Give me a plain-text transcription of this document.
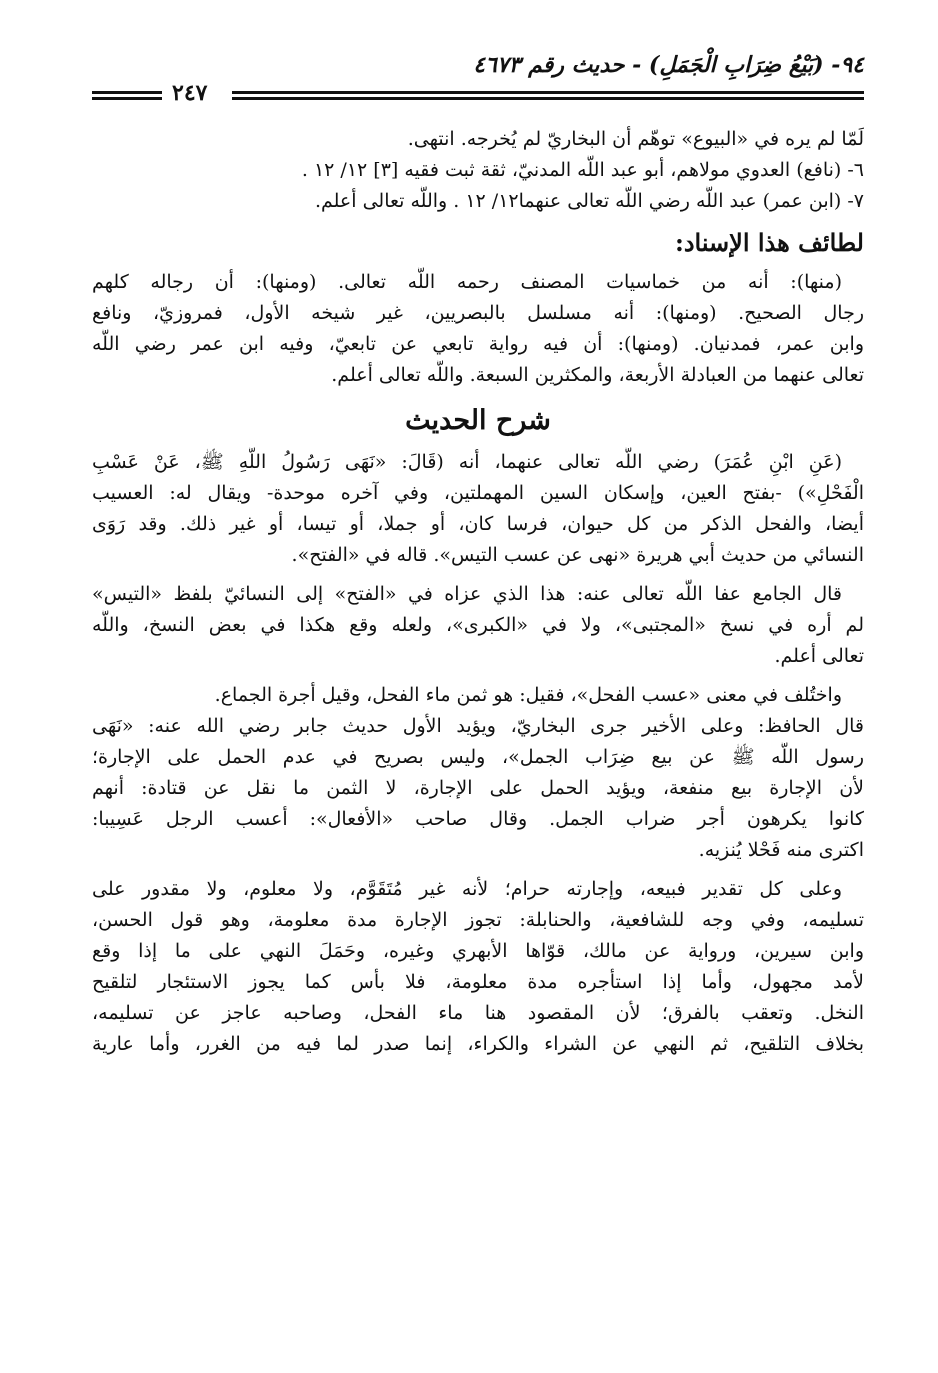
٩٤- (بَيْعُ ضِرَابِ الْجَمَلِ) - حديث رقم ٤٦٧٣
٢٤٧
لَمّا لم يره في «البيوع» توهّم أن البخاريّ لم يُخرجه. انتهى.
٦- (نافع) العدوي مولاهم، أبو عبد اللَّه المدنيّ، ثقة ثبت فقيه [٣] ١٢/ ١٢ .
٧- (ابن عمر) عبد اللَّه رضي اللَّه تعالى عنهما١٢/ ١٢ . واللَّه تعالى أعلم.
لطائف هذا الإسناد:
(منها): أنه من خماسيات المصنف رحمه اللَّه تعالى. (ومنها): أن رجاله كلهم
رجال الصحيح. (ومنها): أنه مسلسل بالبصريين، غير شيخه الأول، فمروزيّ، ونافع
وابن عمر، فمدنيان. (ومنها): أن فيه رواية تابعي عن تابعيّ، وفيه ابن عمر رضي اللَّه
تعالى عنهما من العبادلة الأربعة، والمكثرين السبعة. واللَّه تعالى أعلم.
شرح الحديث
(عَنِ ابْنِ عُمَرَ) رضي اللَّه تعالى عنهما، أنه (قَالَ: «نَهَى رَسُولُ اللَّهِ ﷺ، عَنْ عَسْبِ
الْفَحْلِ») -بفتح العين، وإسكان السين المهملتين، وفي آخره موحدة- ويقال له: العسيب
أيضا، والفحل الذكر من كل حيوان، فرسا كان، أو جملا، أو تيسا، أو غير ذلك. وقد رَوَى
النسائي من حديث أبي هريرة «نهى عن عسب التيس». قاله في «الفتح».
قال الجامع عفا اللَّه تعالى عنه: هذا الذي عزاه في «الفتح» إلى النسائيّ بلفظ «التيس»
لم أره في نسخ «المجتبى»، ولا في «الكبرى»، ولعله وقع هكذا في بعض النسخ، واللَّه
تعالى أعلم.
واختُلف في معنى «عسب الفحل»، فقيل: هو ثمن ماء الفحل، وقيل أجرة الجماع.
قال الحافظ: وعلى الأخير جرى البخاريّ، ويؤيد الأول حديث جابر رضي الله عنه: «نَهَى
رسول اللَّه ﷺ عن بيع ضِرَاب الجمل»، وليس بصريح في عدم الحمل على الإجارة؛
لأن الإجارة بيع منفعة، ويؤيد الحمل على الإجارة، لا الثمن ما نقل عن قتادة: أنهم
كانوا يكرهون أجر ضراب الجمل. وقال صاحب «الأفعال»: أعسب الرجل عَسِيبا:
اكترى منه فَحْلا يُنزيه.
وعلى كل تقدير فبيعه، وإجارته حرام؛ لأنه غير مُتَقَوَّم، ولا معلوم، ولا مقدور على
تسليمه، وفي وجه للشافعية، والحنابلة: تجوز الإجارة مدة معلومة، وهو قول الحسن،
وابن سيرين، ورواية عن مالك، قوّاها الأبهري وغيره، وحَمَلَ النهي على ما إذا وقع
لأمد مجهول، وأما إذا استأجره مدة معلومة، فلا بأس كما يجوز الاستئجار لتلقيح
النخل. وتعقب بالفرق؛ لأن المقصود هنا ماء الفحل، وصاحبه عاجز عن تسليمه،
بخلاف التلقيح، ثم النهي عن الشراء والكراء، إنما صدر لما فيه من الغرر، وأما عارية
